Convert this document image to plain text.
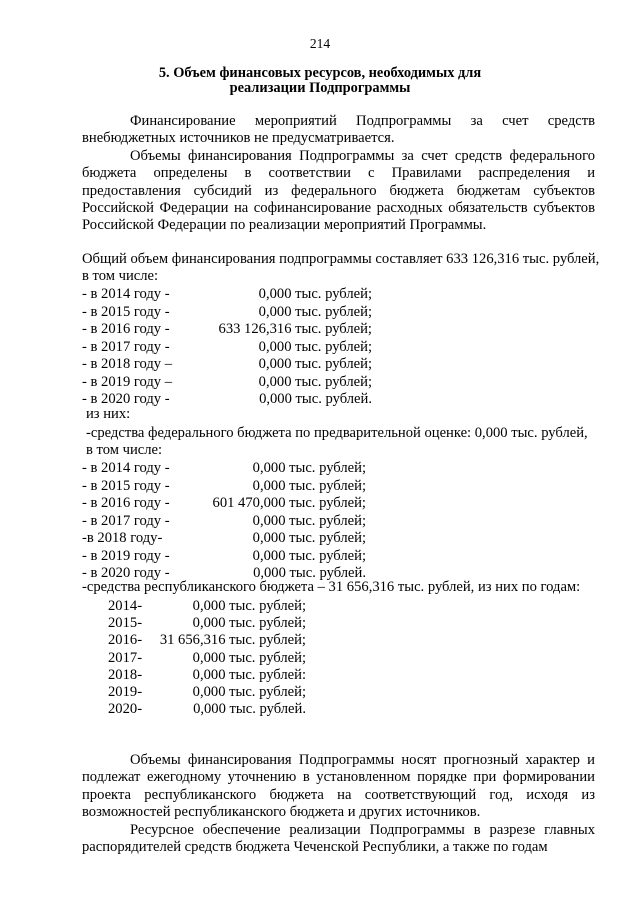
214
5. Объем финансовых ресурсов, необходимых для
реализации Подпрограммы

Финансирование мероприятий Подпрограммы за счет средств внебюджетных источников не предусматривается.

Объемы финансирования Подпрограммы за счет средств федерального бюджета определены в соответствии с Правилами распределения и предоставления субсидий из федерального бюджета бюджетам субъектов Российской Федерации на софинансирование расходных обязательств субъектов Российской Федерации по реализации мероприятий Программы.

Общий объем финансирования подпрограммы составляет 633 126,316 тыс. рублей,
в том числе:
- в 2014 году -	0,000 тыс. рублей;
- в 2015 году -	0,000 тыс. рублей;
- в 2016 году -	633 126,316 тыс. рублей;
- в 2017 году -	0,000 тыс. рублей;
- в 2018 году –	0,000 тыс. рублей;
- в 2019 году –	0,000 тыс. рублей;
- в 2020 году -	0,000 тыс. рублей.
из них:
-средства федерального бюджета по предварительной оценке: 0,000 тыс. рублей,
в том числе:
- в 2014 году -	0,000 тыс. рублей;
- в 2015 году -	0,000 тыс. рублей;
- в 2016 году -	601 470,000 тыс. рублей;
- в 2017 году -	0,000 тыс. рублей;
-в 2018 году-	0,000 тыс. рублей;
- в 2019 году -	0,000 тыс. рублей;
- в 2020 году -	0,000 тыс. рублей.
-средства республиканского бюджета – 31 656,316 тыс. рублей, из них по годам:
2014-	0,000 тыс. рублей;
2015-	0,000 тыс. рублей;
2016-	31 656,316 тыс. рублей;
2017-	0,000 тыс. рублей;
2018-	0,000 тыс. рублей:
2019-	0,000 тыс. рублей;
2020-	0,000 тыс. рублей.

Объемы финансирования Подпрограммы носят прогнозный характер и подлежат ежегодному уточнению в установленном порядке при формировании проекта республиканского бюджета на соответствующий год, исходя из возможностей республиканского бюджета и других источников.

Ресурсное обеспечение реализации Подпрограммы в разрезе главных распорядителей средств бюджета Чеченской Республики, а также по годам
